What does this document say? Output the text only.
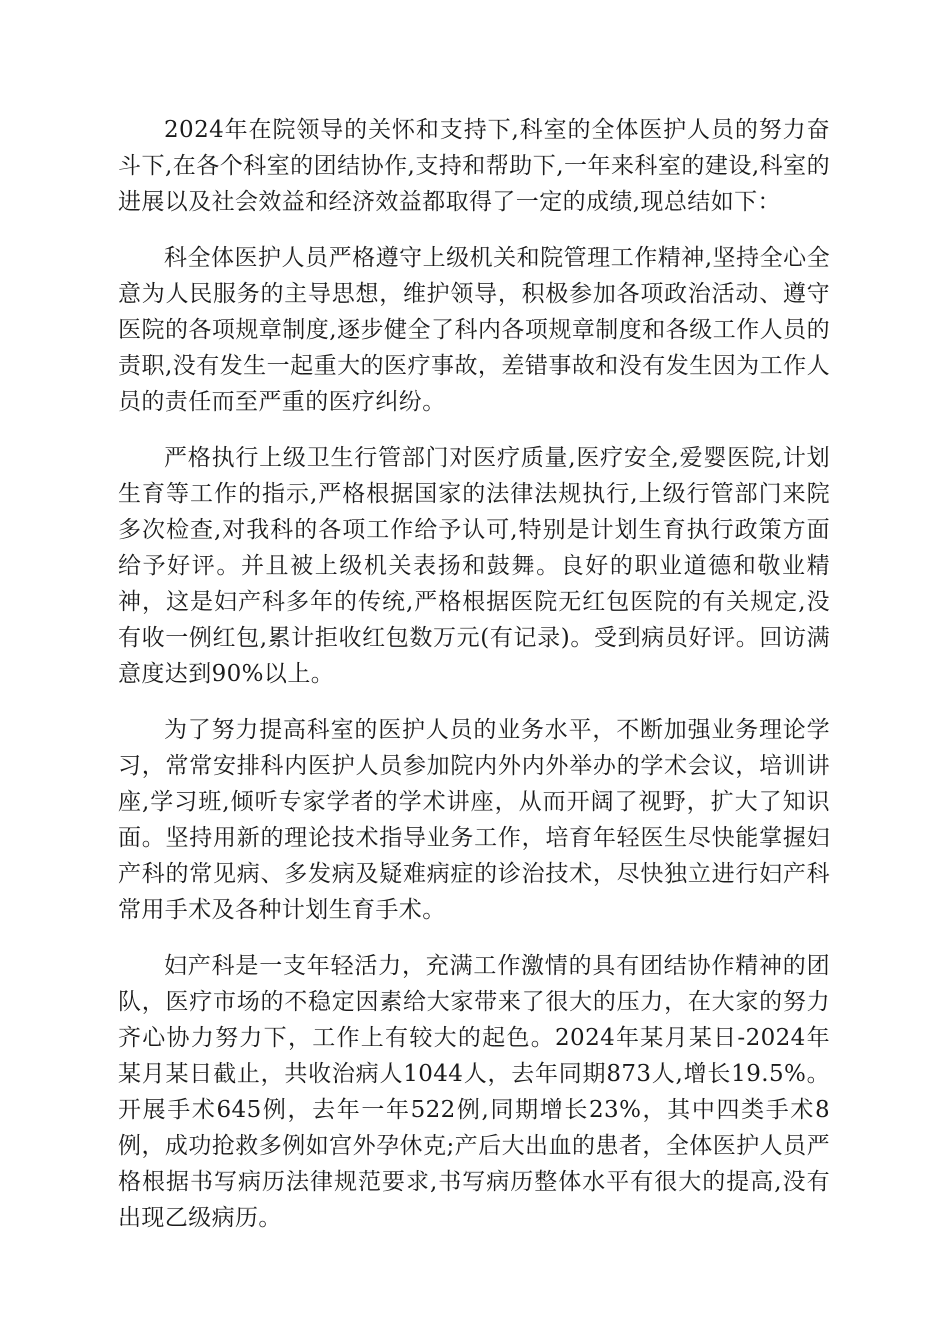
2024年在院领导的关怀和支持下,科室的全体医护人员的努力奋斗下,在各个科室的团结协作,支持和帮助下,一年来科室的建设,科室的进展以及社会效益和经济效益都取得了一定的成绩,现总结如下：

科全体医护人员严格遵守上级机关和院管理工作精神,坚持全心全意为人民服务的主导思想，维护领导，积极参加各项政治活动、遵守医院的各项规章制度,逐步健全了科内各项规章制度和各级工作人员的责职,没有发生一起重大的医疗事故，差错事故和没有发生因为工作人员的责任而至严重的医疗纠纷。

严格执行上级卫生行管部门对医疗质量,医疗安全,爱婴医院,计划生育等工作的指示,严格根据国家的法律法规执行,上级行管部门来院多次检查,对我科的各项工作给予认可,特别是计划生育执行政策方面给予好评。并且被上级机关表扬和鼓舞。良好的职业道德和敬业精神，这是妇产科多年的传统,严格根据医院无红包医院的有关规定,没有收一例红包,累计拒收红包数万元(有记录)。受到病员好评。回访满意度达到90%以上。

为了努力提高科室的医护人员的业务水平，不断加强业务理论学习，常常安排科内医护人员参加院内外内外举办的学术会议，培训讲座,学习班,倾听专家学者的学术讲座，从而开阔了视野，扩大了知识面。坚持用新的理论技术指导业务工作，培育年轻医生尽快能掌握妇产科的常见病、多发病及疑难病症的诊治技术，尽快独立进行妇产科常用手术及各种计划生育手术。

妇产科是一支年轻活力，充满工作激情的具有团结协作精神的团队，医疗市场的不稳定因素给大家带来了很大的压力，在大家的努力齐心协力努力下，工作上有较大的起色。2024年某月某日-2024年某月某日截止，共收治病人1044人，去年同期873人,增长19.5%。开展手术645例，去年一年522例,同期增长23%，其中四类手术8例，成功抢救多例如宫外孕休克;产后大出血的患者，全体医护人员严格根据书写病历法律规范要求,书写病历整体水平有很大的提高,没有出现乙级病历。
